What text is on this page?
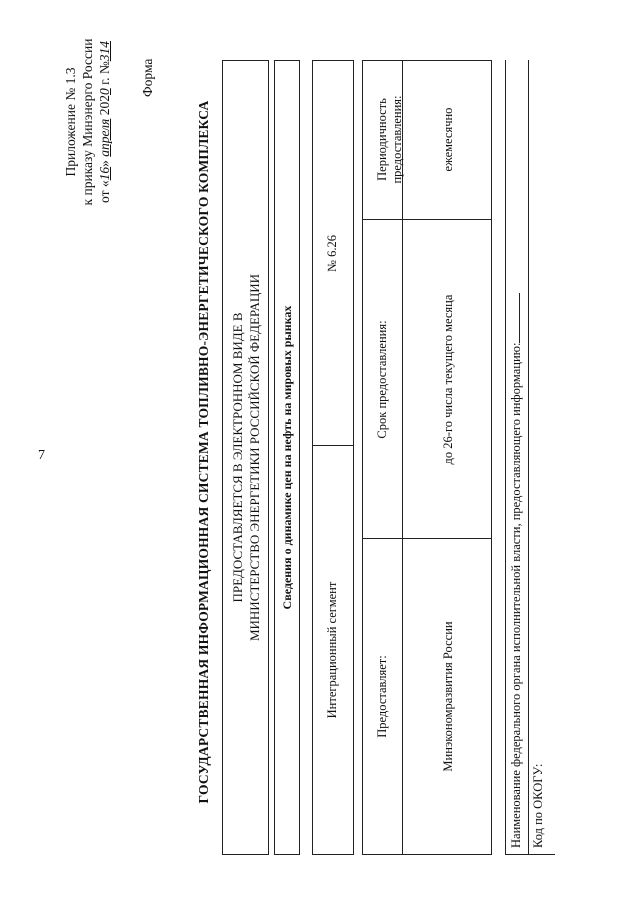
7
Приложение № 1.3 к приказу Минэнерго России от «16» апреля 2020 г. №314
Форма
ГОСУДАРСТВЕННАЯ ИНФОРМАЦИОННАЯ СИСТЕМА ТОПЛИВНО-ЭНЕРГЕТИЧЕСКОГО КОМПЛЕКСА ПРЕДОСТАВЛЯЕТСЯ В ЭЛЕКТРОННОМ ВИДЕ В МИНИСТЕРСТВО ЭНЕРГЕТИКИ РОССИЙСКОЙ ФЕДЕРАЦИИ Сведения о динамике цен на нефть на мировых рынках
Интеграционный сегмент
№ 6.26
Предоставляет:
Срок предоставления:
Периодичность предоставления:
Минэкономразвития России
до 26-го числа текущего месяца
ежемесячно
Наименование федерального органа исполнительной власти, предоставляющего информацию: Код по ОКОГУ:
